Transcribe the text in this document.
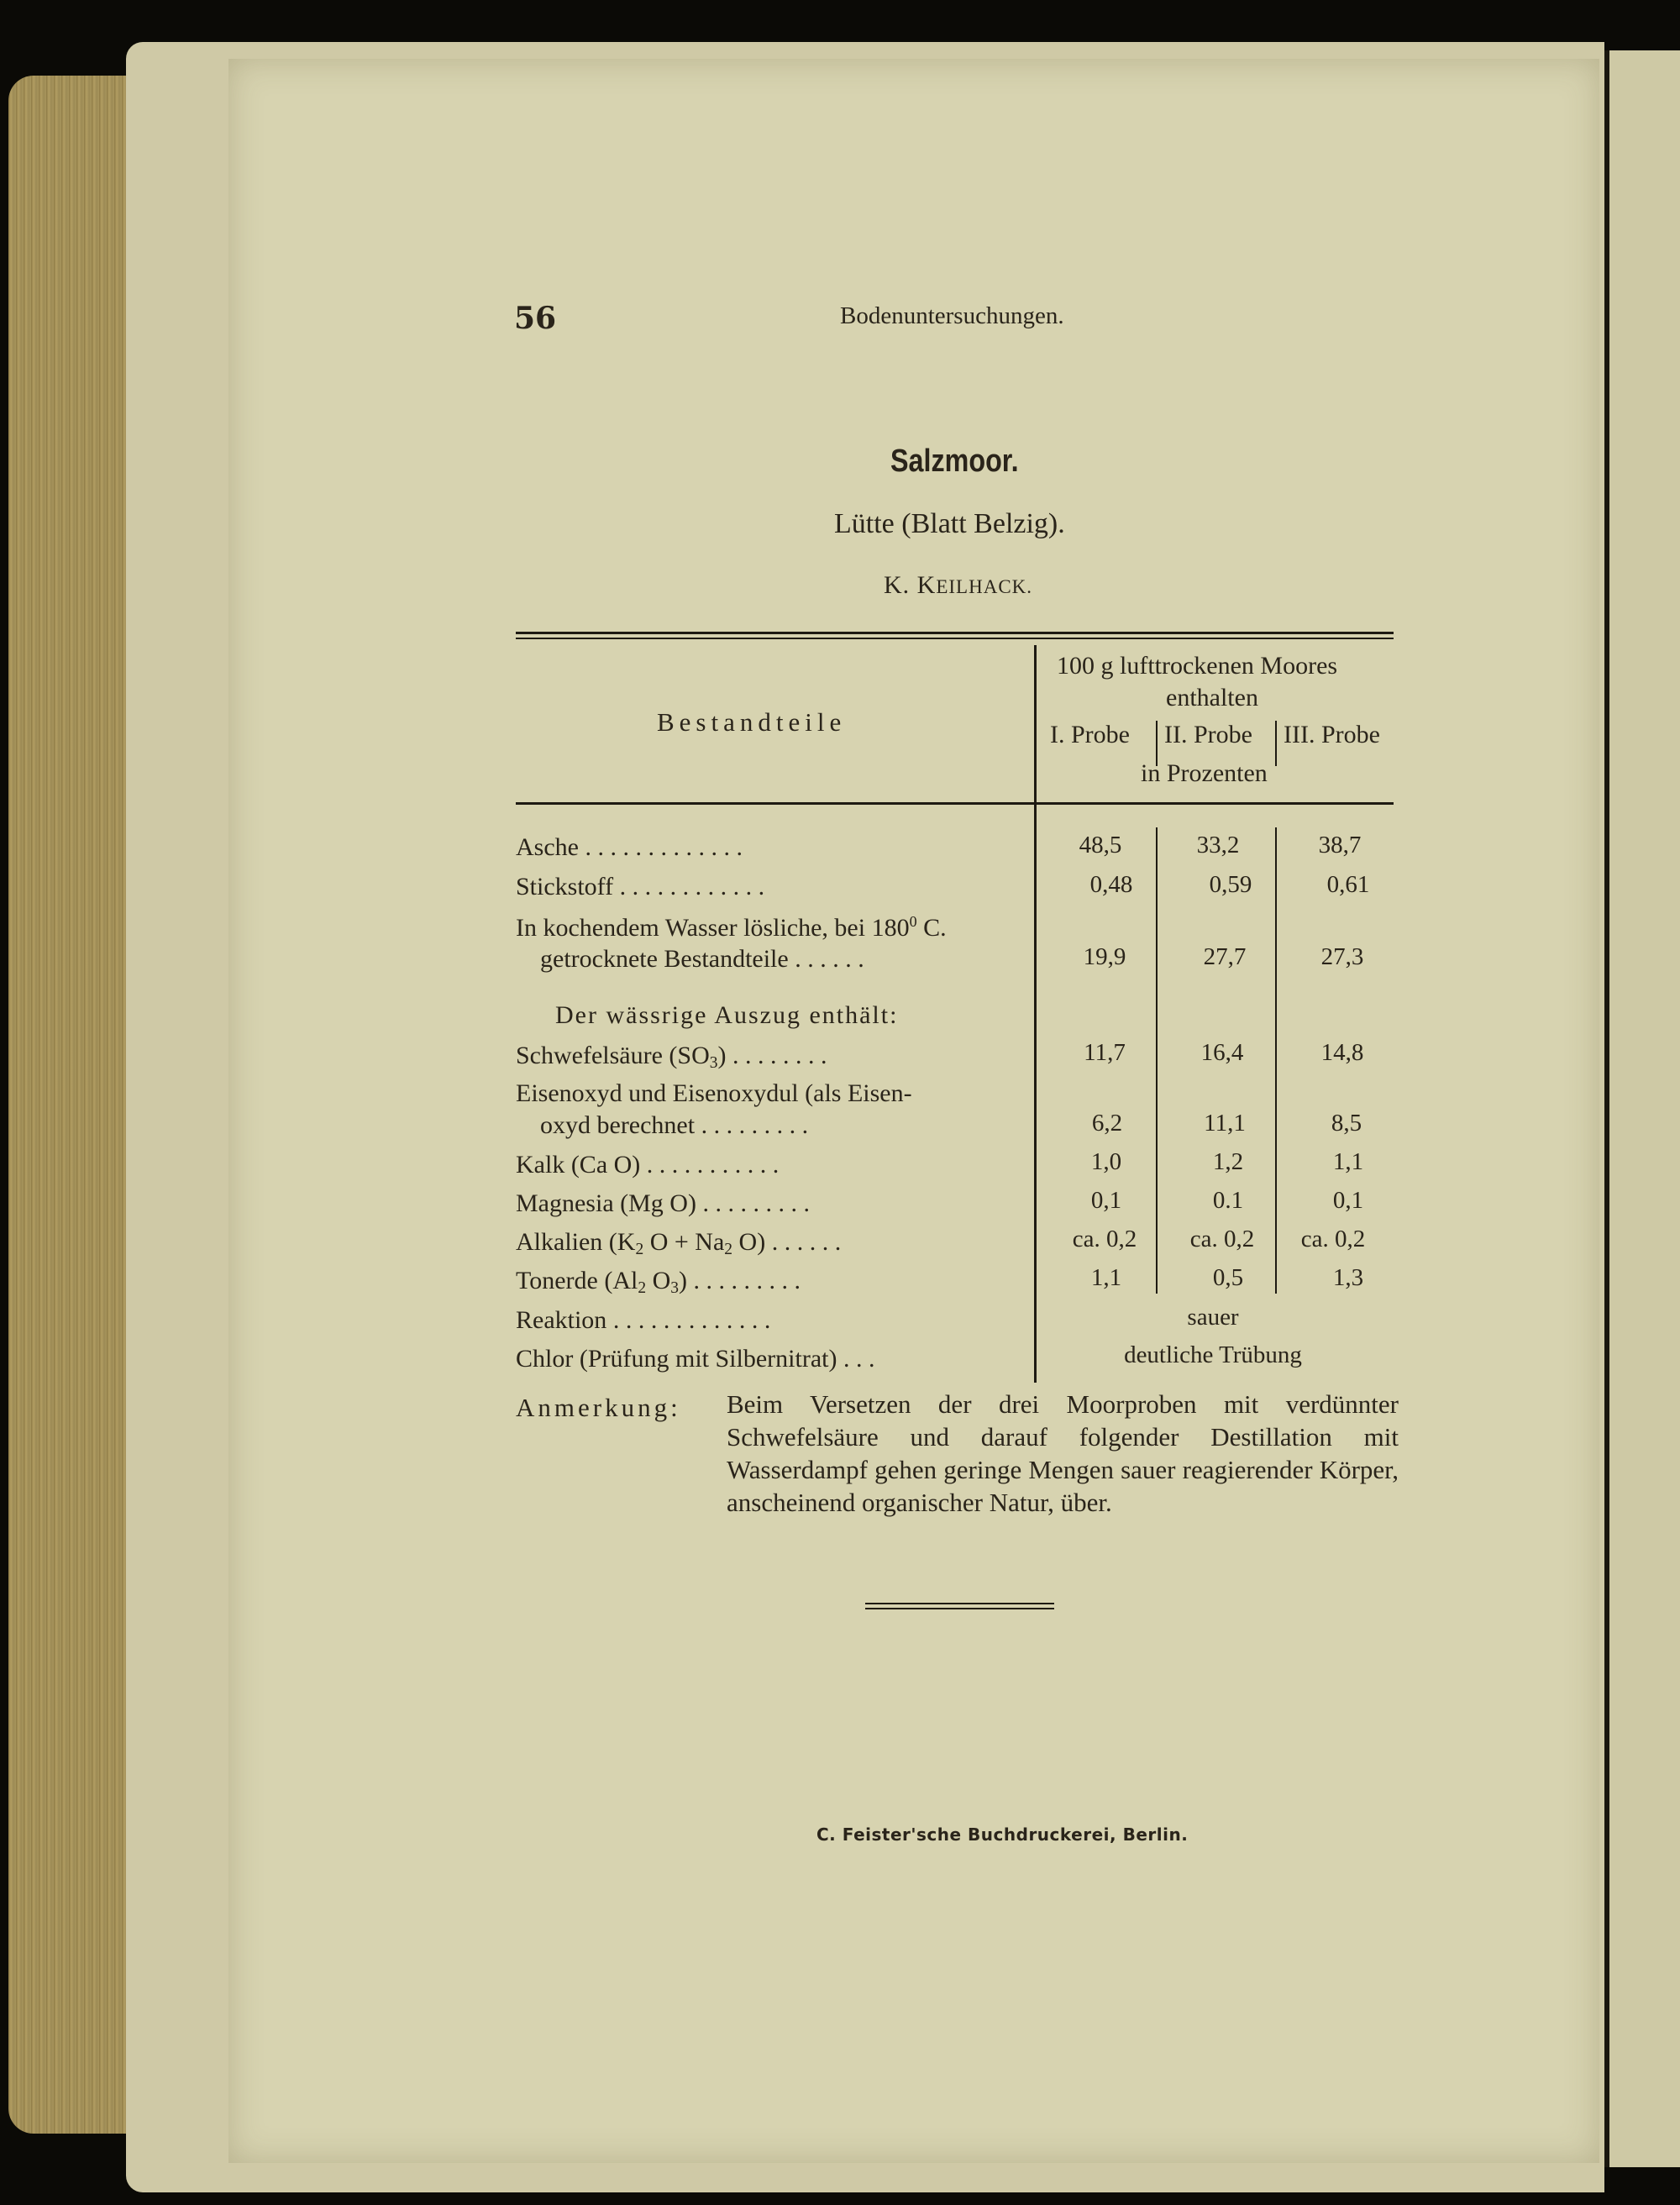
56	Bodenuntersuchungen.
Salzmoor.
Lütte (Blatt Belzig).
K. KEILHACK.
Bestandteile
100 g lufttrockenen Moores
enthalten
I. Probe II. Probe III. Probe
in Prozenten
Asche . . . . . . . . . . . . .	48,5	33,2	38,7
Stickstoff . . . . . . . . . . . .	0,48	0,59	0,61
In kochendem Wasser lösliche, bei $180^0$ C.
getrocknete Bestandteile . . . . . .	19,9	27,7	27,3
Der wässrige Auszug enthält:
Schwefelsäure $(SO_3)$ . . . . . . . .	11,7	16,4	14,8
Eisenoxyd und Eisenoxydul (als Eisen-
oxyd berechnet . . . . . . . . .	6,2	11,1	8,5
Kalk (Ca O) . . . . . . . . . . .	1,0	1,2	1,1
Magnesia (Mg O) . . . . . . . . .	0,1	0.1	0,1
Alkalien ($K_2$ $O + Na_2$ O) . . . . . .	ca. 0,2	ca. 0,2	ca. 0,2
Tonerde ($Al_2$ $O_3$) . . . . . . . . .	1,1	0,5	1,3
Reaktion . . . . . . . . . . . . .	sauer
Chlor (Prüfung mit Silbernitrat) . . .	deutliche Trübung
Anmerkung: Beim Versetzen der drei Moorproben mit verdünnter Schwefelsäure und darauf folgender Destillation mit Wasserdampf gehen geringe Mengen sauer reagierender Körper, anscheinend organischer Natur, über.
C. Feister'sche Buchdruckerei, Berlin.
